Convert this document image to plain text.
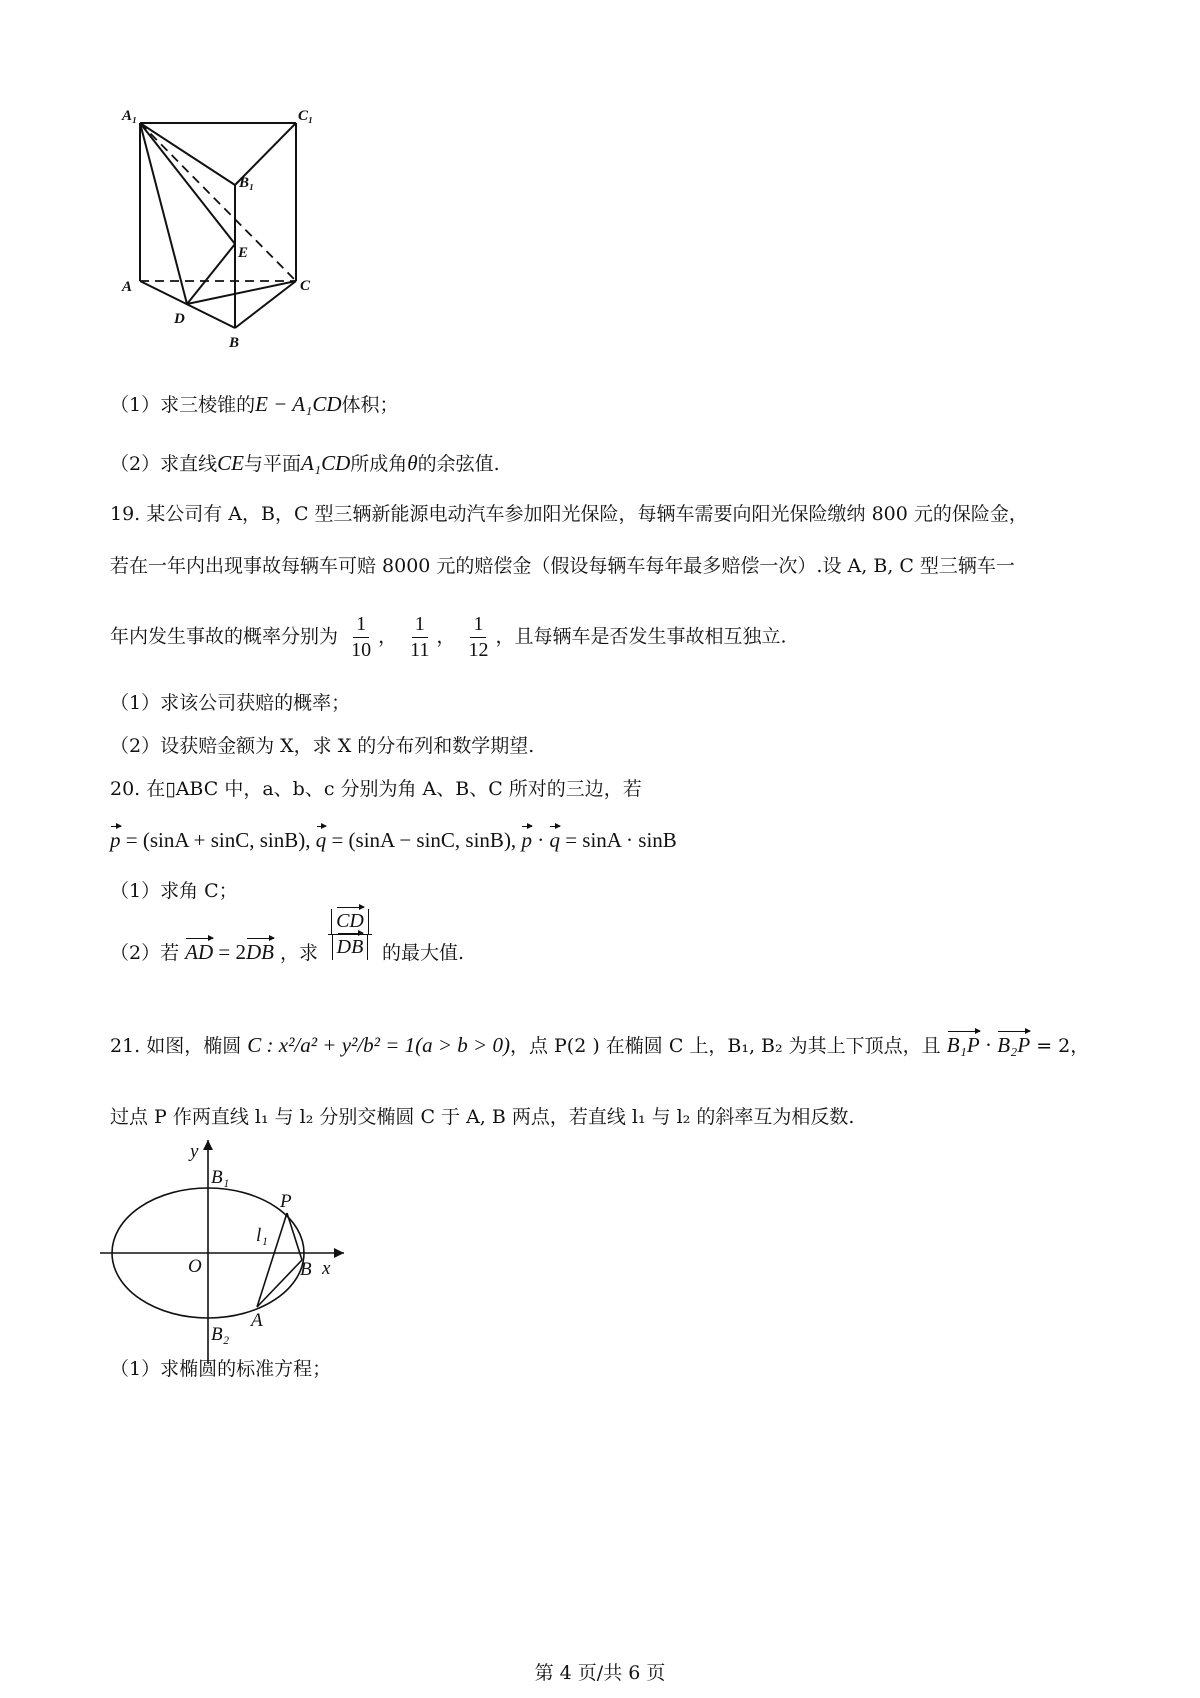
A₁	C₁
B₁
E
A	C
D
B
（1）求三棱锥的E − A₁CD体积；
（2）求直线CE与平面A₁CD所成角θ的余弦值.
19. 某公司有 A，B，C 型三辆新能源电动汽车参加阳光保险，每辆车需要向阳光保险缴纳 800 元的保险金，
若在一年内出现事故每辆车可赔 8000 元的赔偿金（假设每辆车每年最多赔偿一次）.设 A, B, C 型三辆车一
年内发生事故的概率分别为 $\frac{1}{10}$ ， $\frac{1}{11}$ ， $\frac{1}{12}$ ，且每辆车是否发生事故相互独立.
（1）求该公司获赔的概率；
（2）设获赔金额为 X，求 X 的分布列和数学期望.
20. 在▯ABC 中，a、b、c 分别为角 A、B、C 所对的三边，若
p = (sinA + sinC, sinB), q = (sinA − sinC, sinB), p · q = sinA · sinB
（1）求角 C；
（2）若 AD = 2DB ，求 $\frac{CD}{DB}$ 的最大值.
21. 如图，椭圆 C : x²/a² + y²/b² = 1(a > b > 0)，点 P(2 ) 在椭圆 C 上，B₁, B₂ 为其上下顶点，且 B₁P · B₂P = 2，
过点 P 作两直线 l₁ 与 l₂ 分别交椭圆 C 于 A, B 两点，若直线 l₁ 与 l₂ 的斜率互为相反数.
y
x
O
B₁
B₂
P
l₁
B
A
（1）求椭圆的标准方程；
第 4 页/共 6 页
